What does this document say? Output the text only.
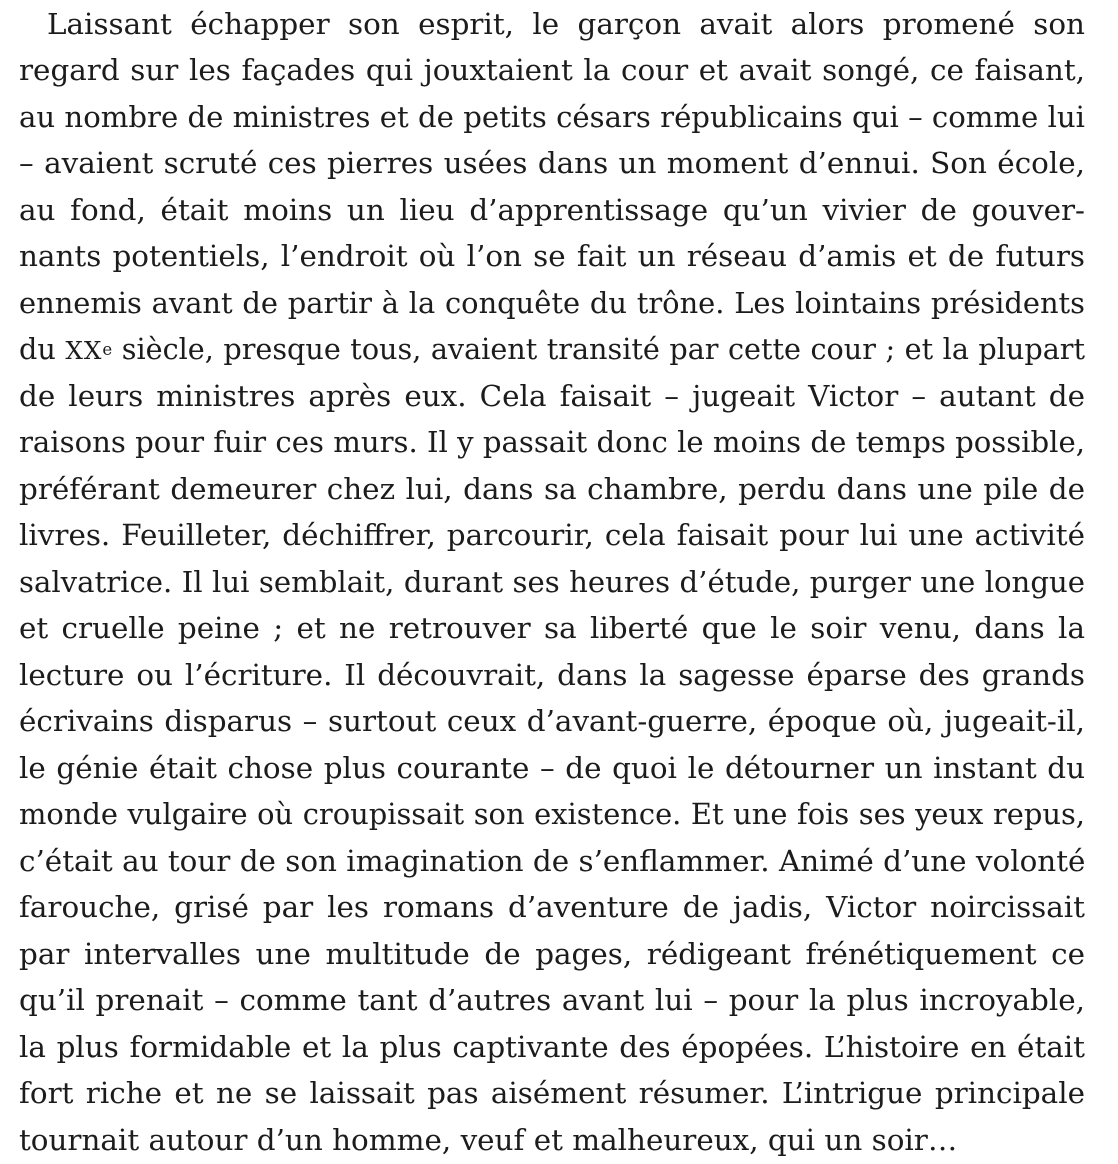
Laissant échapper son esprit, le garçon avait alors promené son
regard sur les façades qui jouxtaient la cour et avait songé, ce faisant,
au nombre de ministres et de petits césars républicains qui – comme lui
– avaient scruté ces pierres usées dans un moment d’ennui. Son école,
au fond, était moins un lieu d’apprentissage qu’un vivier de gouver-
nants potentiels, l’endroit où l’on se fait un réseau d’amis et de futurs
ennemis avant de partir à la conquête du trône. Les lointains présidents
du XXe siècle, presque tous, avaient transité par cette cour ; et la plupart
de leurs ministres après eux. Cela faisait – jugeait Victor – autant de
raisons pour fuir ces murs. Il y passait donc le moins de temps possible,
préférant demeurer chez lui, dans sa chambre, perdu dans une pile de
livres. Feuilleter, déchiffrer, parcourir, cela faisait pour lui une activité
salvatrice. Il lui semblait, durant ses heures d’étude, purger une longue
et cruelle peine ; et ne retrouver sa liberté que le soir venu, dans la
lecture ou l’écriture. Il découvrait, dans la sagesse éparse des grands
écrivains disparus – surtout ceux d’avant-guerre, époque où, jugeait-il,
le génie était chose plus courante – de quoi le détourner un instant du
monde vulgaire où croupissait son existence. Et une fois ses yeux repus,
c’était au tour de son imagination de s’enflammer. Animé d’une volonté
farouche, grisé par les romans d’aventure de jadis, Victor noircissait
par intervalles une multitude de pages, rédigeant frénétiquement ce
qu’il prenait – comme tant d’autres avant lui – pour la plus incroyable,
la plus formidable et la plus captivante des épopées. L’histoire en était
fort riche et ne se laissait pas aisément résumer. L’intrigue principale
tournait autour d’un homme, veuf et malheureux, qui un soir…
